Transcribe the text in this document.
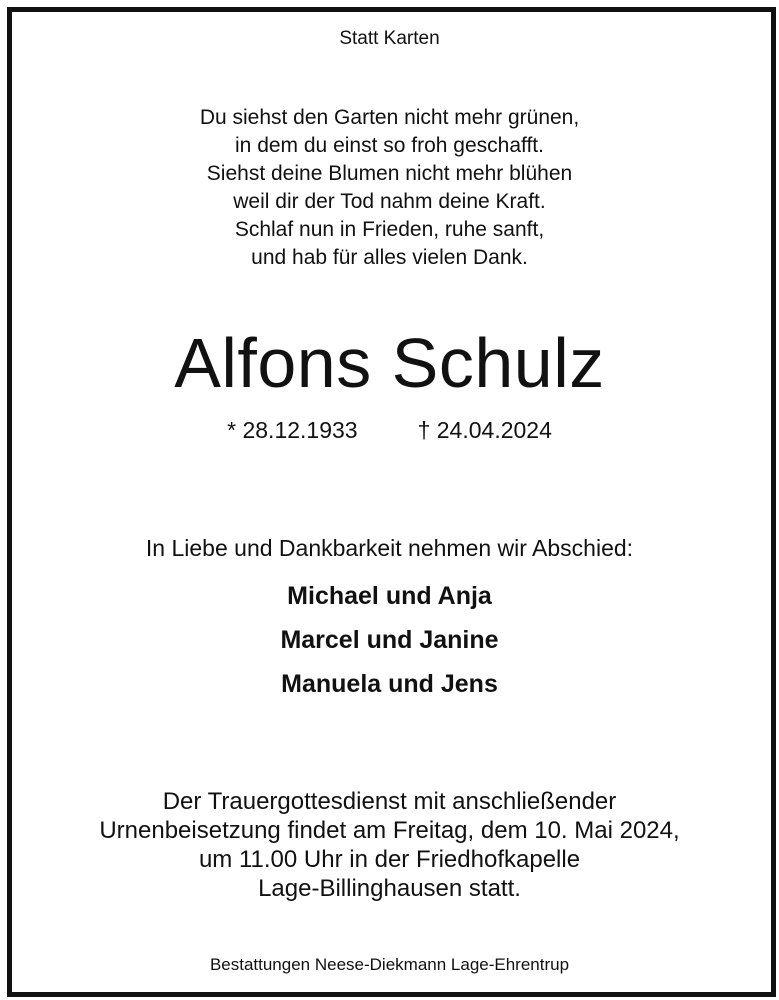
Statt Karten
Du siehst den Garten nicht mehr grünen,
in dem du einst so froh geschafft.
Siehst deine Blumen nicht mehr blühen
weil dir der Tod nahm deine Kraft.
Schlaf nun in Frieden, ruhe sanft,
und hab für alles vielen Dank.
Alfons Schulz
* 28.12.1933	† 24.04.2024
In Liebe und Dankbarkeit nehmen wir Abschied:
Michael und Anja
Marcel und Janine
Manuela und Jens
Der Trauergottesdienst mit anschließender
Urnenbeisetzung findet am Freitag, dem 10. Mai 2024,
um 11.00 Uhr in der Friedhofkapelle
Lage-Billinghausen statt.
Bestattungen Neese-Diekmann Lage-Ehrentrup
